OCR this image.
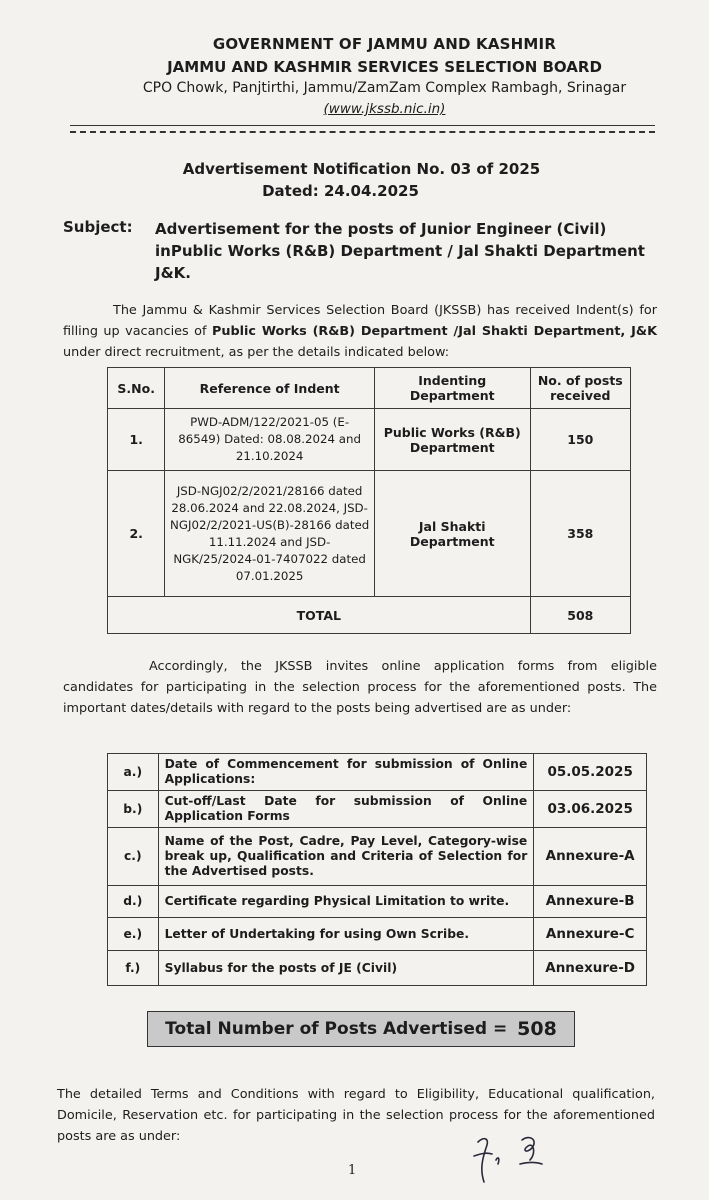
GOVERNMENT OF JAMMU AND KASHMIR
JAMMU AND KASHMIR SERVICES SELECTION BOARD
CPO Chowk, Panjtirthi, Jammu/ZamZam Complex Rambagh, Srinagar
(www.jkssb.nic.in)
Advertisement Notification No. 03 of 2025
Dated: 24.04.2025
Subject: Advertisement for the posts of Junior Engineer (Civil) inPublic Works (R&B) Department / Jal Shakti Department J&K.
The Jammu & Kashmir Services Selection Board (JKSSB) has received Indent(s) for filling up vacancies of Public Works (R&B) Department /Jal Shakti Department, J&K under direct recruitment, as per the details indicated below:
S.No.	Reference of Indent	Indenting Department	No. of posts received
1.	PWD-ADM/122/2021-05 (E-86549) Dated: 08.08.2024 and 21.10.2024	Public Works (R&B) Department	150
2.	JSD-NGJ02/2/2021/28166 dated 28.06.2024 and 22.08.2024, JSD-NGJ02/2/2021-US(B)-28166 dated 11.11.2024 and JSD-NGK/25/2024-01-7407022 dated 07.01.2025	Jal Shakti Department	358
TOTAL			508
Accordingly, the JKSSB invites online application forms from eligible candidates for participating in the selection process for the aforementioned posts. The important dates/details with regard to the posts being advertised are as under:
a.)	Date of Commencement for submission of Online Applications:	05.05.2025
b.)	Cut-off/Last Date for submission of Online Application Forms	03.06.2025
c.)	Name of the Post, Cadre, Pay Level, Category-wise break up, Qualification and Criteria of Selection for the Advertised posts.	Annexure-A
d.)	Certificate regarding Physical Limitation to write.	Annexure-B
e.)	Letter of Undertaking for using Own Scribe.	Annexure-C
f.)	Syllabus for the posts of JE (Civil)	Annexure-D
Total Number of Posts Advertised = 508
The detailed Terms and Conditions with regard to Eligibility, Educational qualification, Domicile, Reservation etc. for participating in the selection process for the aforementioned posts are as under:
1
